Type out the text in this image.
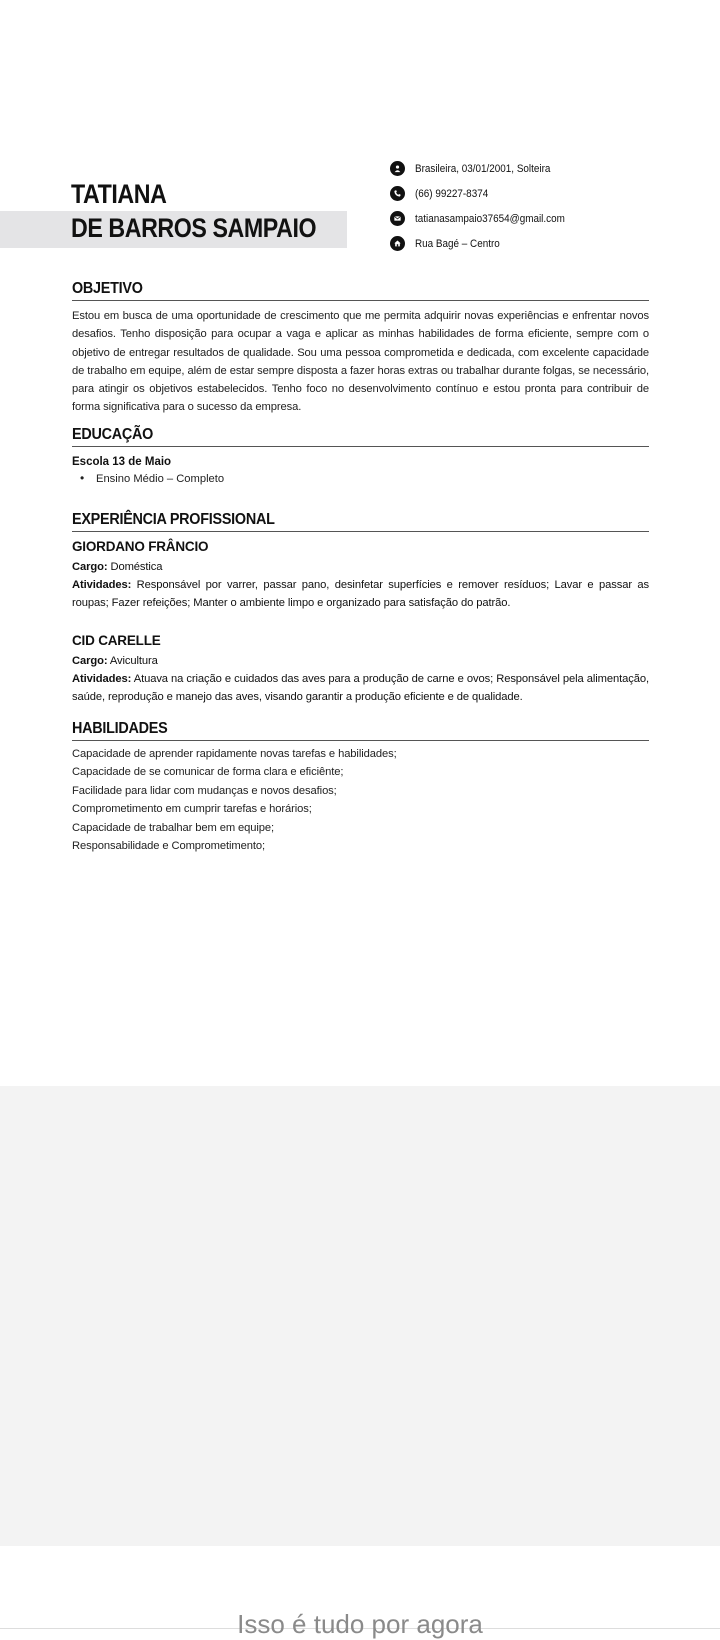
TATIANA
DE BARROS SAMPAIO
Brasileira, 03/01/2001, Solteira
(66) 99227-8374
tatianasampaio37654@gmail.com
Rua Bagé – Centro
OBJETIVO

Estou em busca de uma oportunidade de crescimento que me permita adquirir novas experiências e enfrentar novos desafios. Tenho disposição para ocupar a vaga e aplicar as minhas habilidades de forma eficiente, sempre com o objetivo de entregar resultados de qualidade. Sou uma pessoa comprometida e dedicada, com excelente capacidade de trabalho em equipe, além de estar sempre disposta a fazer horas extras ou trabalhar durante folgas, se necessário, para atingir os objetivos estabelecidos. Tenho foco no desenvolvimento contínuo e estou pronta para contribuir de forma significativa para o sucesso da empresa.

EDUCAÇÃO
Escola 13 de Maio
• Ensino Médio – Completo
EXPERIÊNCIA PROFISSIONAL
GIORDANO FRÂNCIO
Cargo: Doméstica
Atividades: Responsável por varrer, passar pano, desinfetar superfícies e remover resíduos; Lavar e passar as roupas; Fazer refeições; Manter o ambiente limpo e organizado para satisfação do patrão.
CID CARELLE
Cargo: Avicultura
Atividades: Atuava na criação e cuidados das aves para a produção de carne e ovos; Responsável pela alimentação, saúde, reprodução e manejo das aves, visando garantir a produção eficiente e de qualidade.
HABILIDADES
Capacidade de aprender rapidamente novas tarefas e habilidades;
Capacidade de se comunicar de forma clara e eficiênte;
Facilidade para lidar com mudanças e novos desafios;
Comprometimento em cumprir tarefas e horários;
Capacidade de trabalhar bem em equipe;
Responsabilidade e Comprometimento;
Isso é tudo por agora
